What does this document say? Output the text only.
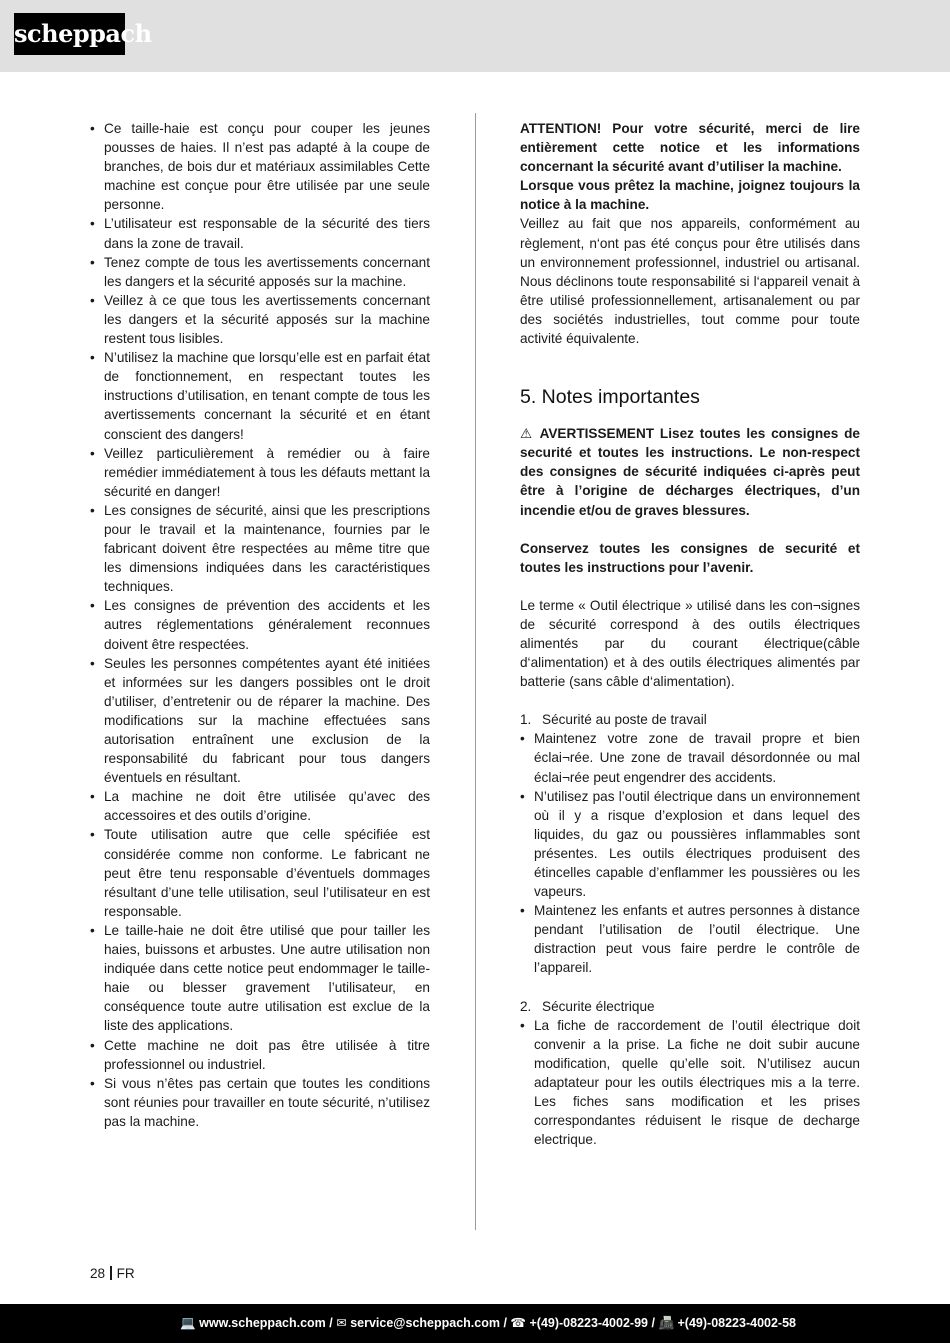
scheppach
• Ce taille-haie est conçu pour couper les jeunes pousses de haies. Il n’est pas adapté à la coupe de branches, de bois dur et matériaux assimilables Cette machine est conçue pour être utilisée par une seule personne.
• L’utilisateur est responsable de la sécurité des tiers dans la zone de travail.
• Tenez compte de tous les avertissements concernant les dangers et la sécurité apposés sur la machine.
• Veillez à ce que tous les avertissements concernant les dangers et la sécurité apposés sur la machine restent tous lisibles.
• N’utilisez la machine que lorsqu’elle est en parfait état de fonctionnement, en respectant toutes les instructions d’utilisation, en tenant compte de tous les avertissements concernant la sécurité et en étant conscient des dangers!
• Veillez particulièrement à remédier ou à faire remédier immédiatement à tous les défauts mettant la sécurité en danger!
• Les consignes de sécurité, ainsi que les prescriptions pour le travail et la maintenance, fournies par le fabricant doivent être respectées au même titre que les dimensions indiquées dans les caractéristiques techniques.
• Les consignes de prévention des accidents et les autres réglementations généralement reconnues doivent être respectées.
• Seules les personnes compétentes ayant été initiées et informées sur les dangers possibles ont le droit d’utiliser, d’entretenir ou de réparer la machine. Des modifications sur la machine effectuées sans autorisation entraînent une exclusion de la responsabilité du fabricant pour tous dangers éventuels en résultant.
• La machine ne doit être utilisée qu’avec des accessoires et des outils d’origine.
• Toute utilisation autre que celle spécifiée est considérée comme non conforme. Le fabricant ne peut être tenu responsable d’éventuels dommages résultant d’une telle utilisation, seul l’utilisateur en est responsable.
• Le taille-haie ne doit être utilisé que pour tailler les haies, buissons et arbustes. Une autre utilisation non indiquée dans cette notice peut endommager le taille-haie ou blesser gravement l’utilisateur, en conséquence toute autre utilisation est exclue de la liste des applications.
• Cette machine ne doit pas être utilisée à titre professionnel ou industriel.
• Si vous n’êtes pas certain que toutes les conditions sont réunies pour travailler en toute sécurité, n’utilisez pas la machine.

ATTENTION! Pour votre sécurité, merci de lire entièrement cette notice et les informations concernant la sécurité avant d’utiliser la machine.

Lorsque vous prêtez la machine, joignez toujours la notice à la machine.

Veillez au fait que nos appareils, conformément au règlement, n‘ont pas été conçus pour être utilisés dans un environnement professionnel, industriel ou artisanal. Nous déclinons toute responsabilité si l‘appareil venait à être utilisé professionnellement, artisanalement ou par des sociétés industrielles, tout comme pour toute activité équivalente.

5. Notes importantes

⚠ AVERTISSEMENT Lisez toutes les consignes de securité et toutes les instructions. Le non-respect des consignes de sécurité indiquées ci-après peut être à l’origine de décharges électriques, d’un incendie et/ou de graves blessures.

Conservez toutes les consignes de securité et toutes les instructions pour l’avenir.

Le terme « Outil électrique » utilisé dans les con¬signes de sécurité correspond à des outils électriques alimentés par du courant électrique(câble d‘alimentation) et à des outils électriques alimentés par batterie (sans câble d‘alimentation).

1. Sécurité au poste de travail
• Maintenez votre zone de travail propre et bien éclai¬rée. Une zone de travail désordonnée ou mal éclai¬rée peut engendrer des accidents.
• N’utilisez pas l’outil électrique dans un environnement où il y a risque d’explosion et dans lequel des liquides, du gaz ou poussières inflammables sont présentes. Les outils électriques produisent des étincelles capable d’enflammer les poussières ou les vapeurs.
• Maintenez les enfants et autres personnes à distance pendant l’utilisation de l’outil électrique. Une distraction peut vous faire perdre le contrôle de l’appareil.
2. Sécurite électrique
• La fiche de raccordement de l’outil électrique doit convenir a la prise. La fiche ne doit subir aucune modification, quelle qu’elle soit. N’utilisez aucun adaptateur pour les outils électriques mis a la terre. Les fiches sans modification et les prises correspondantes réduisent le risque de decharge electrique.
28 FR
💻 www.scheppach.com / ✉ service@scheppach.com / ☎ +(49)-08223-4002-99 / 📠 +(49)-08223-4002-58
